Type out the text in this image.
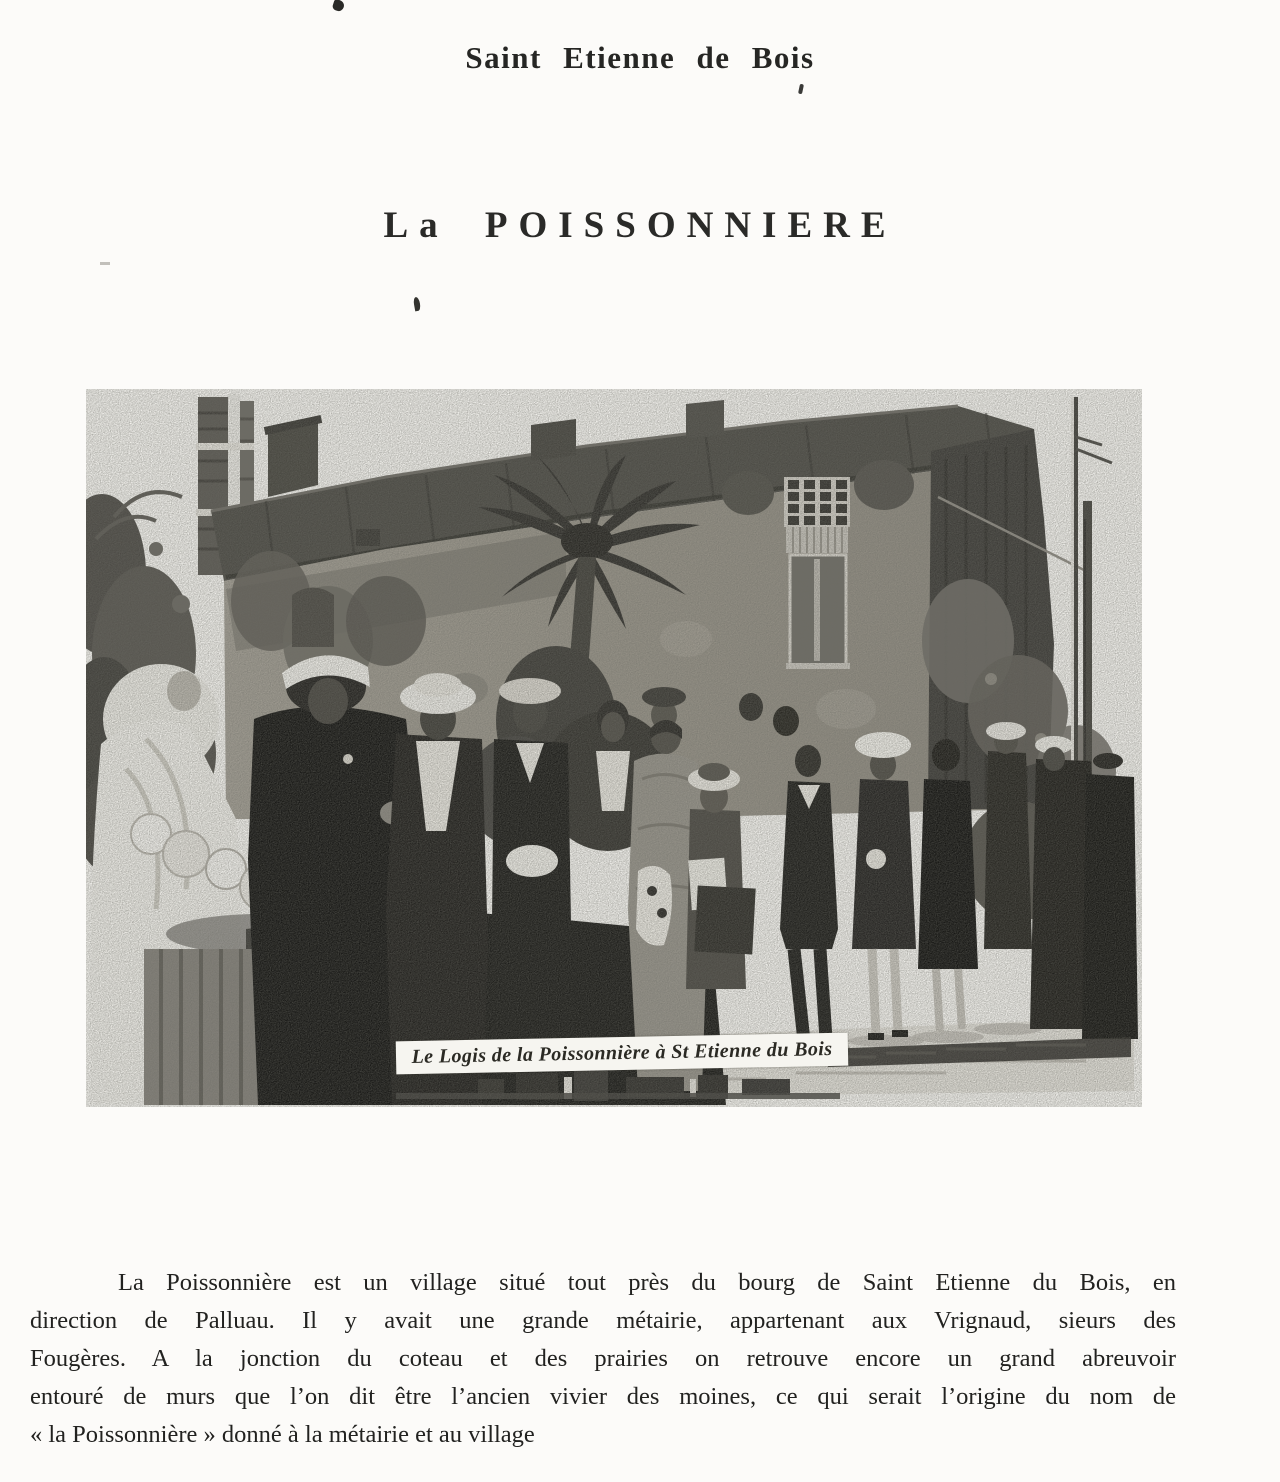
Saint Etienne de Bois
La POISSONNIERE
Le Logis de la Poissonnière à St Etienne du Bois
La Poissonnière est un village situé tout près du bourg de Saint Etienne du Bois, en
direction de Palluau. Il y avait une grande métairie, appartenant aux Vrignaud, sieurs des
Fougères. A la jonction du coteau et des prairies on retrouve encore un grand abreuvoir
entouré de murs que l’on dit être l’ancien vivier des moines, ce qui serait l’origine du nom de
« la Poissonnière » donné à la métairie et au village
